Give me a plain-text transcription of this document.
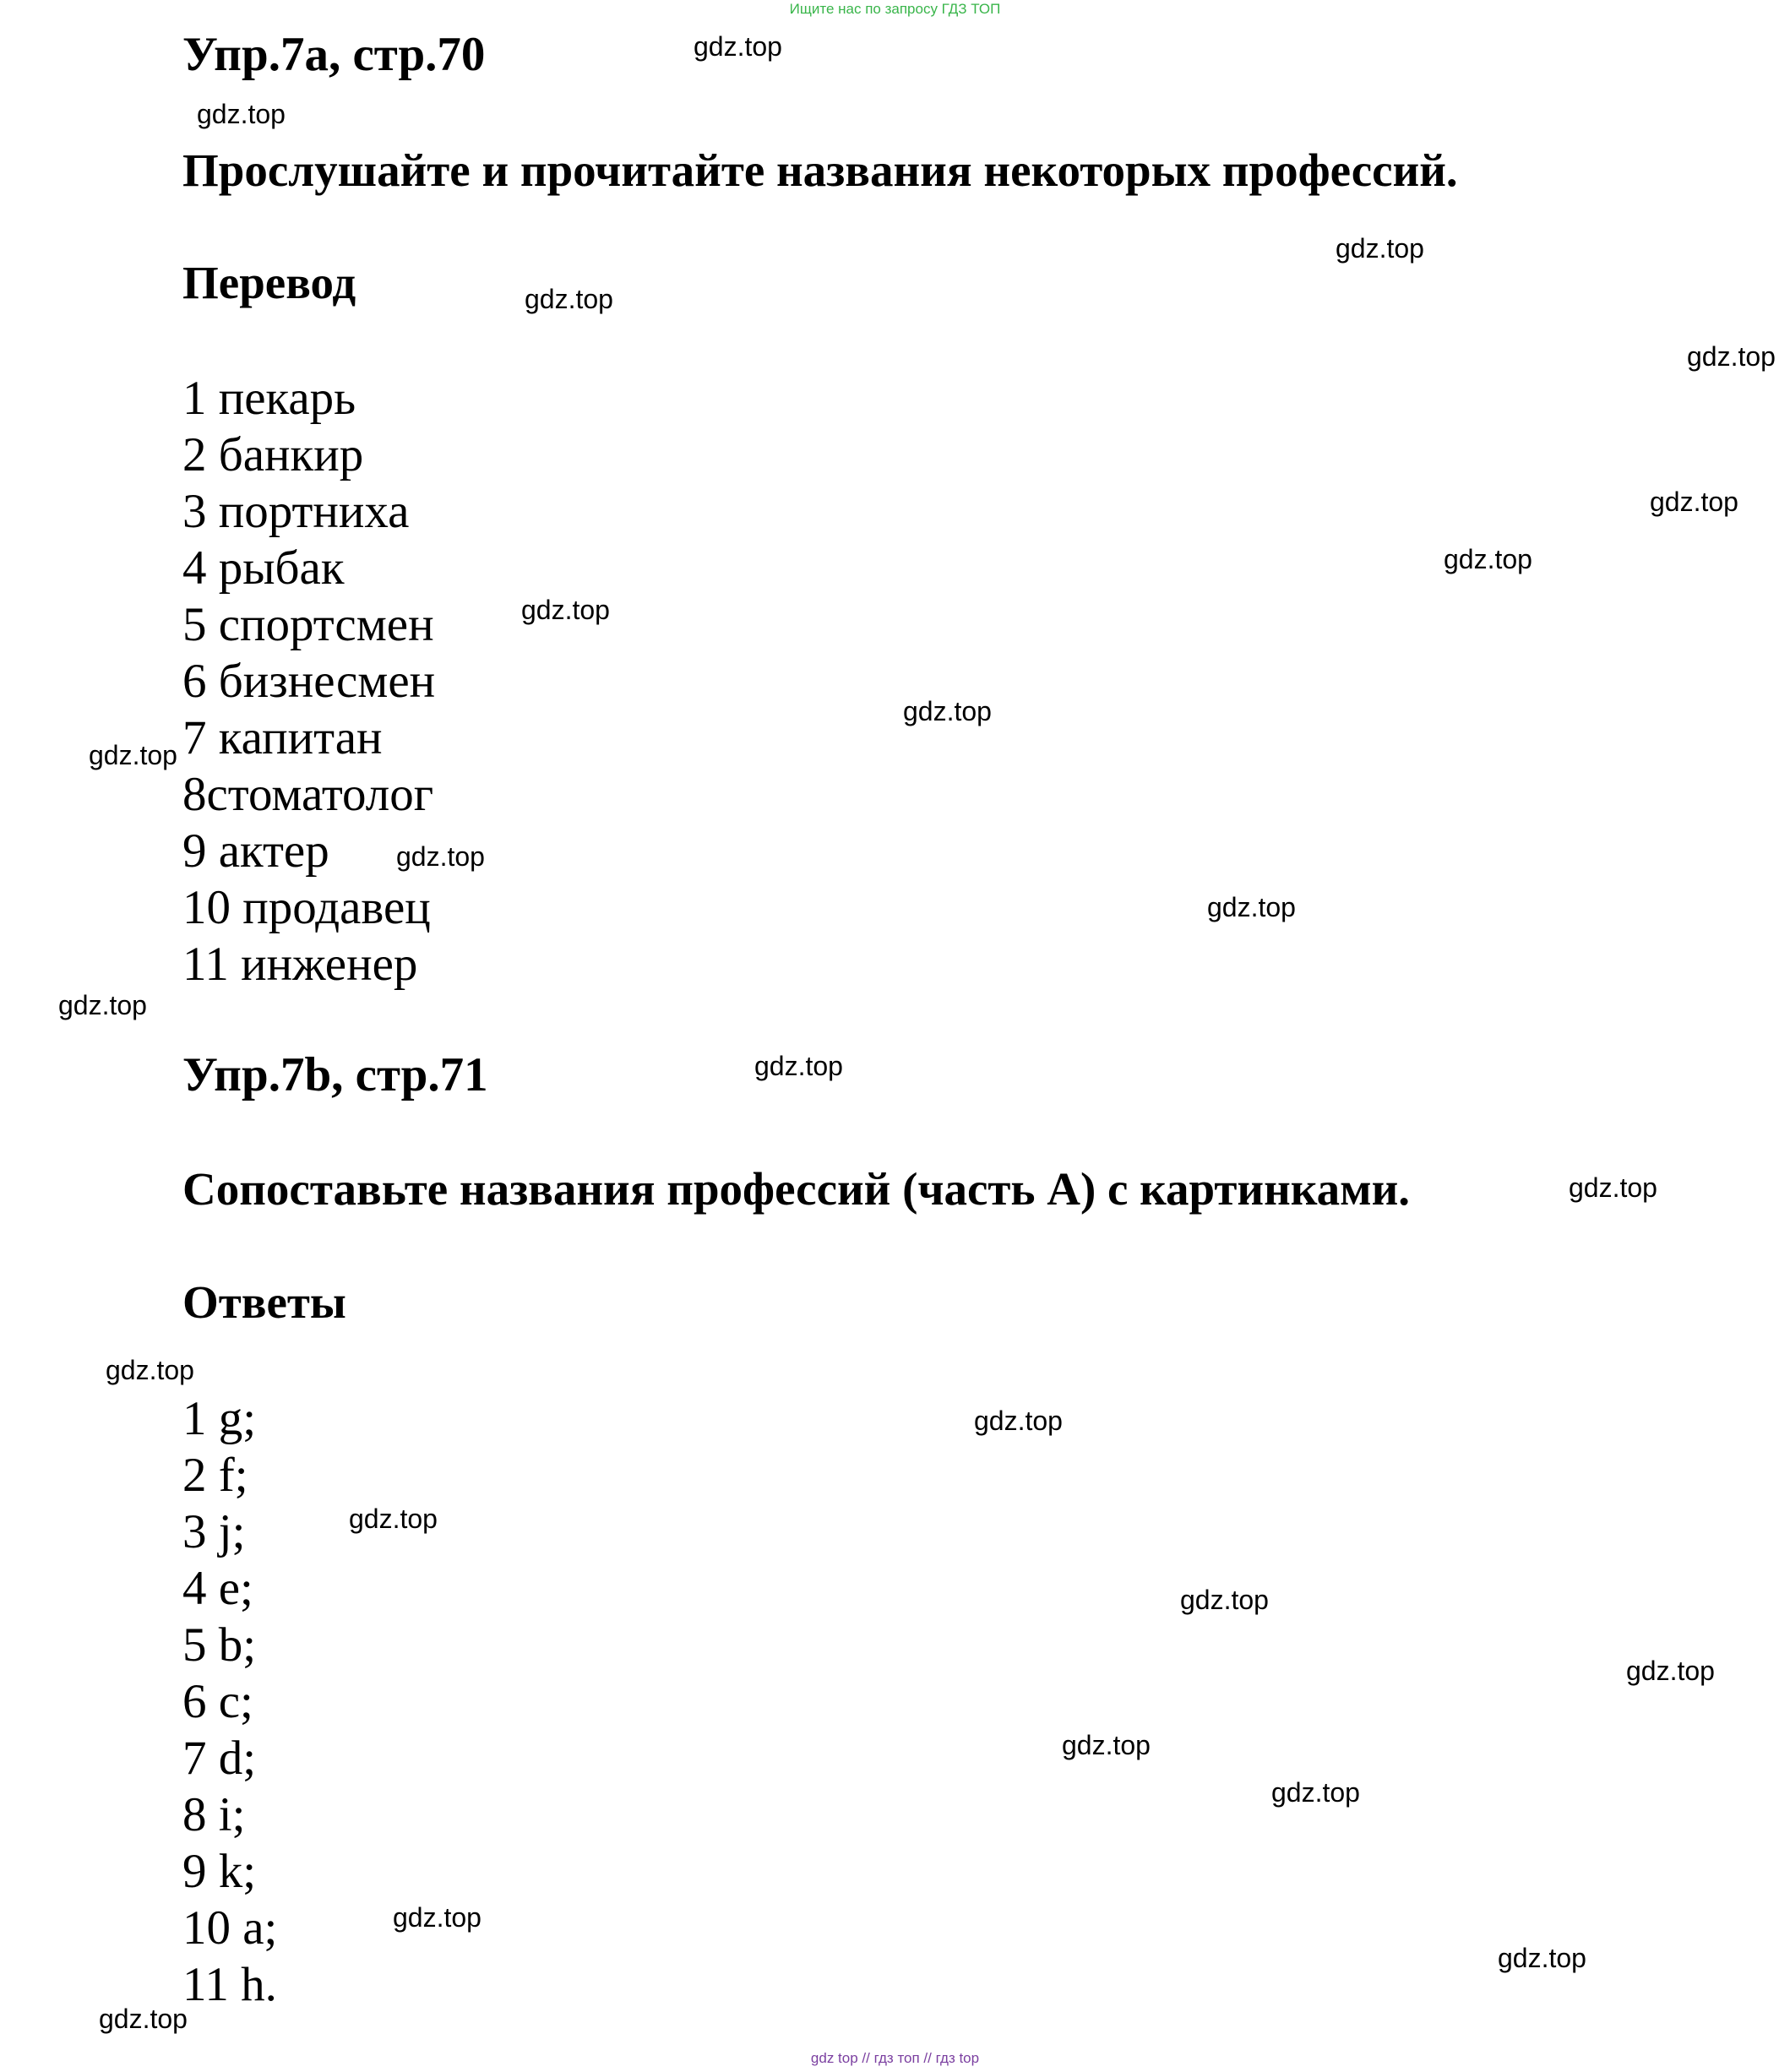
Ищите нас по запросу ГДЗ ТОП
Упр.7a, стр.70
Прослушайте и прочитайте названия некоторых профессий.
Перевод
1 пекарь
2 банкир
3 портниха
4 рыбак
5 спортсмен
6 бизнесмен
7 капитан
8стоматолог
9 актер
10 продавец
11 инженер
Упр.7b, стр.71
Сопоставьте названия профессий (часть А) с картинками.
Ответы
1 g;
2 f;
3 j;
4 e;
5 b;
6 c;
7 d;
8 i;
9 k;
10 a;
11 h.
gdz.top
gdz.top
gdz.top
gdz.top
gdz.top
gdz.top
gdz.top
gdz.top
gdz.top
gdz.top
gdz.top
gdz.top
gdz.top
gdz.top
gdz.top
gdz.top
gdz.top
gdz.top
gdz.top
gdz.top
gdz.top
gdz.top
gdz.top
gdz.top
gdz.top
gdz top // гдз топ // гдз top
